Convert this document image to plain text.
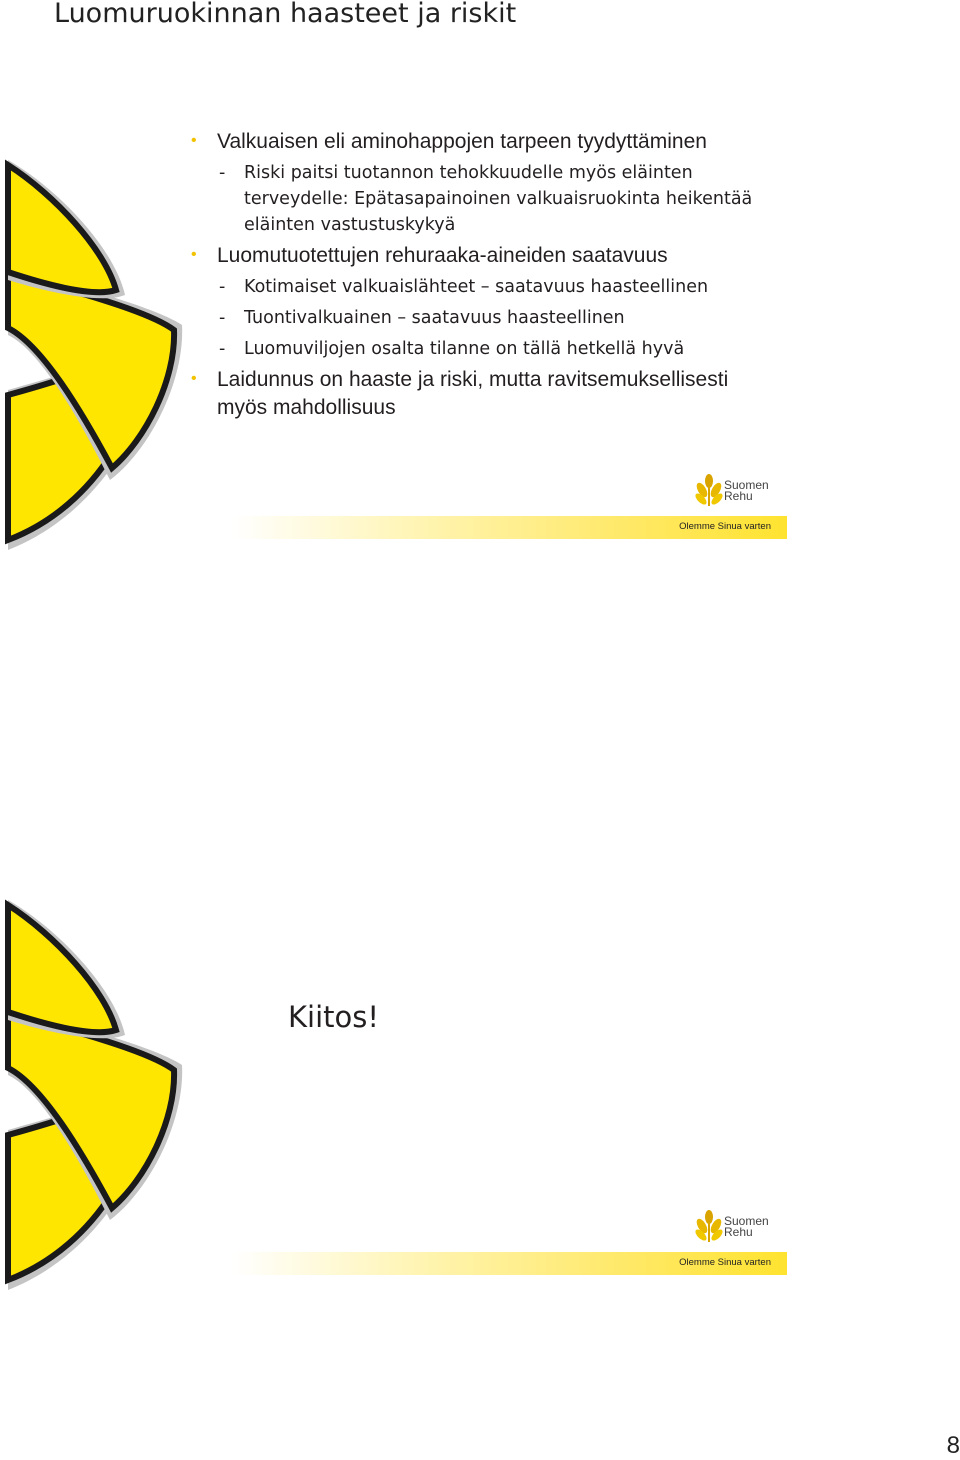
Luomuruokinnan haasteet ja riskit
• Valkuaisen eli aminohappojen tarpeen tyydyttäminen
- Riski paitsi tuotannon tehokkuudelle myös eläinten terveydelle: Epätasapainoinen valkuaisruokinta heikentää eläinten vastustuskykyä
• Luomutuotettujen rehuraaka-aineiden saatavuus
- Kotimaiset valkuaislähteet – saatavuus haasteellinen
- Tuontivalkuainen – saatavuus haasteellinen
- Luomuviljojen osalta tilanne on tällä hetkellä hyvä
• Laidunnus on haaste ja riski, mutta ravitsemuksellisesti myös mahdollisuus
Suomen
Rehu
Olemme Sinua varten
Kiitos!
Suomen
Rehu
Olemme Sinua varten
8
